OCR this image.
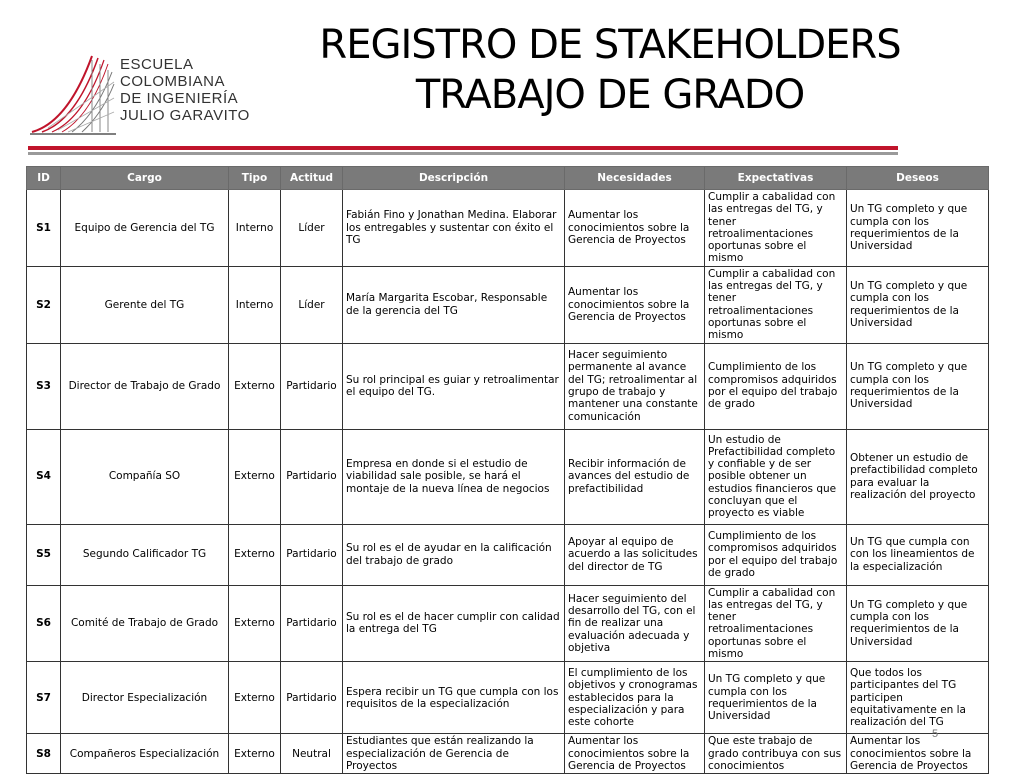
ESCUELA
COLOMBIANA
DE INGENIERÍA
JULIO GARAVITO
REGISTRO DE STAKEHOLDERS
TRABAJO DE GRADO
ID	Cargo	Tipo	Actitud	Descripción	Necesidades	Expectativas	Deseos
S1	Equipo de Gerencia del TG	Interno	Líder	Fabián Fino y Jonathan Medina. Elaborar los entregables y sustentar con éxito el TG	Aumentar los conocimientos sobre la Gerencia de Proyectos	Cumplir a cabalidad con las entregas del TG, y tener retroalimentaciones oportunas sobre el mismo	Un TG completo y que cumpla con los requerimientos de la Universidad
S2	Gerente del TG	Interno	Líder	María Margarita Escobar, Responsable de la gerencia del TG	Aumentar los conocimientos sobre la Gerencia de Proyectos	Cumplir a cabalidad con las entregas del TG, y tener retroalimentaciones oportunas sobre el mismo	Un TG completo y que cumpla con los requerimientos de la Universidad
S3	Director de Trabajo de Grado	Externo	Partidario	Su rol principal es guiar y retroalimentar el equipo del TG.	Hacer seguimiento permanente al avance del TG; retroalimentar al grupo de trabajo y mantener una constante comunicación	Cumplimiento de los compromisos adquiridos por el equipo del trabajo de grado	Un TG completo y que cumpla con los requerimientos de la Universidad
S4	Compañía SO	Externo	Partidario	Empresa en donde si el estudio de viabilidad sale posible, se hará el montaje de la nueva línea de negocios	Recibir información de avances del estudio de prefactibilidad	Un estudio de Prefactibilidad completo y confiable y de ser posible obtener un estudios financieros que concluyan que el proyecto es viable	Obtener un estudio de prefactibilidad completo para evaluar la realización del proyecto
S5	Segundo Calificador TG	Externo	Partidario	Su rol es el de ayudar en la calificación del trabajo de grado	Apoyar al equipo de acuerdo a las solicitudes del director de TG	Cumplimiento de los compromisos adquiridos por el equipo del trabajo de grado	Un TG que cumpla con con los lineamientos de la especialización
S6	Comité de Trabajo de Grado	Externo	Partidario	Su rol es el de hacer cumplir con calidad la entrega del TG	Hacer seguimiento del desarrollo del TG, con el fin de realizar una evaluación adecuada y objetiva	Cumplir a cabalidad con las entregas del TG, y tener retroalimentaciones oportunas sobre el mismo	Un TG completo y que cumpla con los requerimientos de la Universidad
S7	Director Especialización	Externo	Partidario	Espera recibir un TG que cumpla con los requisitos de la especialización	El cumplimiento de los objetivos y cronogramas establecidos para la especialización y para este cohorte	Un TG completo y que cumpla con los requerimientos de la Universidad	Que todos los participantes del TG participen equitativamente en la realización del TG
S8	Compañeros Especialización	Externo	Neutral	Estudiantes que están realizando la especialización de Gerencia de Proyectos	Aumentar los conocimientos sobre la Gerencia de Proyectos	Que este trabajo de grado contribuya con sus conocimientos	Aumentar los conocimientos sobre la Gerencia de Proyectos
5
